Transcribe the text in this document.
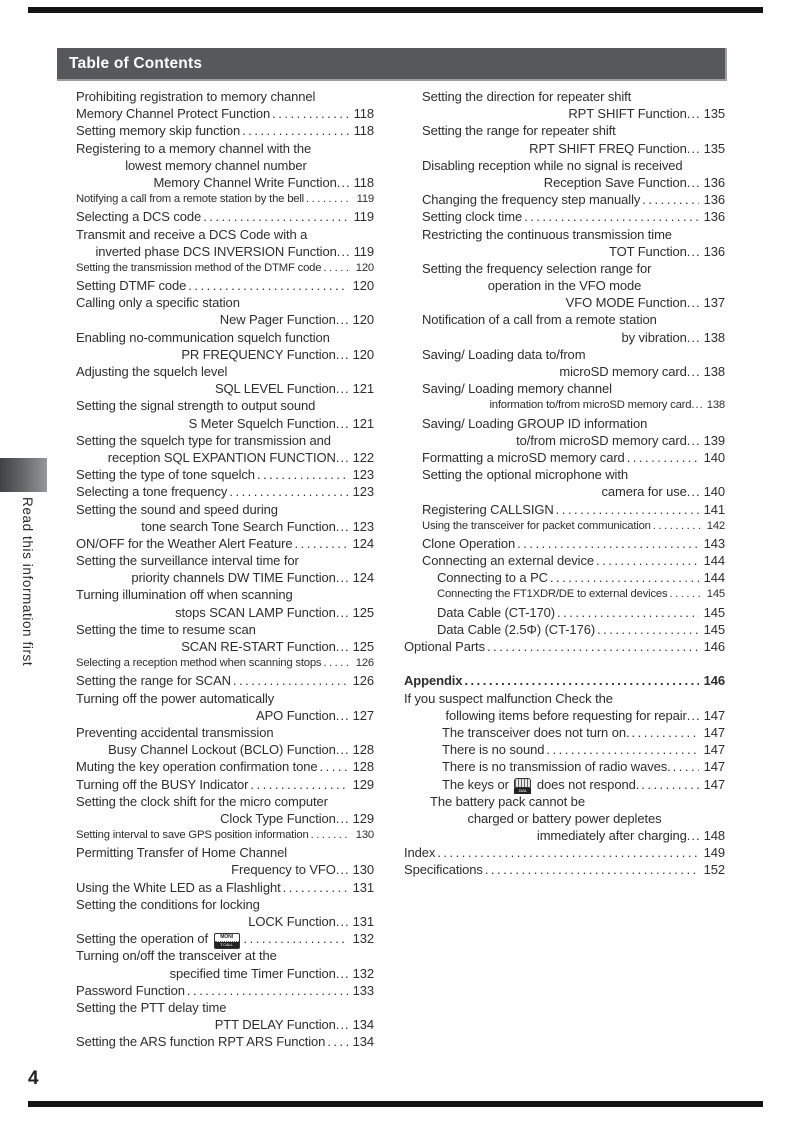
Table of Contents
Read this information first
Prohibiting registration to memory channel
Memory Channel Protect Function .....	118
Setting memory skip function .....	118
Registering to a memory channel with the
lowest memory channel number
Memory Channel Write Function ... 118
Notifying a call from a remote station by the bell .....	119
Selecting a DCS code .....	119
Transmit and receive a DCS Code with a
inverted phase DCS INVERSION Function ... 119
Setting the transmission method of the DTMF code .....	120
Setting DTMF code .....	120
Calling only a specific station
New Pager Function ... 120
Enabling no-communication squelch function
PR FREQUENCY Function ... 120
Adjusting the squelch level
SQL LEVEL Function ... 121
Setting the signal strength to output sound
S Meter Squelch Function ... 121
Setting the squelch type for transmission and
reception SQL EXPANTION FUNCTION ... 122
Setting the type of tone squelch .....	123
Selecting a tone frequency .....	123
Setting the sound and speed during
tone search Tone Search Function ... 123
ON/OFF for the Weather Alert Feature .....	124
Setting the surveillance interval time for
priority channels DW TIME Function ... 124
Turning illumination off when scanning
stops SCAN LAMP Function ... 125
Setting the time to resume scan
SCAN RE-START Function ... 125
Selecting a reception method when scanning stops .....	126
Setting the range for SCAN .....	126
Turning off the power automatically
APO Function ... 127
Preventing accidental transmission
Busy Channel Lockout (BCLO) Function ... 128
Muting the key operation confirmation tone .....	128
Turning off the BUSY Indicator .....	129
Setting the clock shift for the micro computer
Clock Type Function ... 129
Setting interval to save GPS position information .....	130
Permitting Transfer of Home Channel
Frequency to VFO ... 130
Using the White LED as a Flashlight .....	131
Setting the conditions for locking
LOCK Function ... 131
Setting the operation of	MONI
T.CALL .....	132
Turning on/off the transceiver at the
specified time Timer Function ... 132
Password Function .....	133
Setting the PTT delay time
PTT DELAY Function ... 134
Setting the ARS function RPT ARS Function ..... 134
Setting the direction for repeater shift
RPT SHIFT Function ... 135
Setting the range for repeater shift
RPT SHIFT FREQ Function ... 135
Disabling reception while no signal is received
Reception Save Function ... 136
Changing the frequency step manually .....	136
Setting clock time .....	136
Restricting the continuous transmission time
TOT Function ... 136
Setting the frequency selection range for
operation in the VFO mode
VFO MODE Function ... 137
Notification of a call from a remote station
by vibration ... 138
Saving/ Loading data to/from
microSD memory card ... 138
Saving/ Loading memory channel
information to/from microSD memory card ... 138
Saving/ Loading GROUP ID information
to/from microSD memory card ... 139
Formatting a microSD memory card .....	140
Setting the optional microphone with
camera for use ... 140
Registering CALLSIGN .....	141
Using the transceiver for packet communication .....	142
Clone Operation .....	143
Connecting an external device .....	144
Connecting to a PC .....	144
Connecting the FT1XDR/DE to external devices .....	145
Data Cable (CT-170) .....	145
Data Cable (2.5Φ) (CT-176) .....	145
Optional Parts .....	146
Appendix .....	146
If you suspect malfunction Check the
following items before requesting for repair ... 147
The transceiver does not turn on. .....	147
There is no sound .....	147
There is no transmission of radio waves. .....	147
The keys or	DIAL does not respond. .....	147
The battery pack cannot be
charged or battery power depletes
immediately after charging ... 148
Index .....	149
Specifications .....	152
4
